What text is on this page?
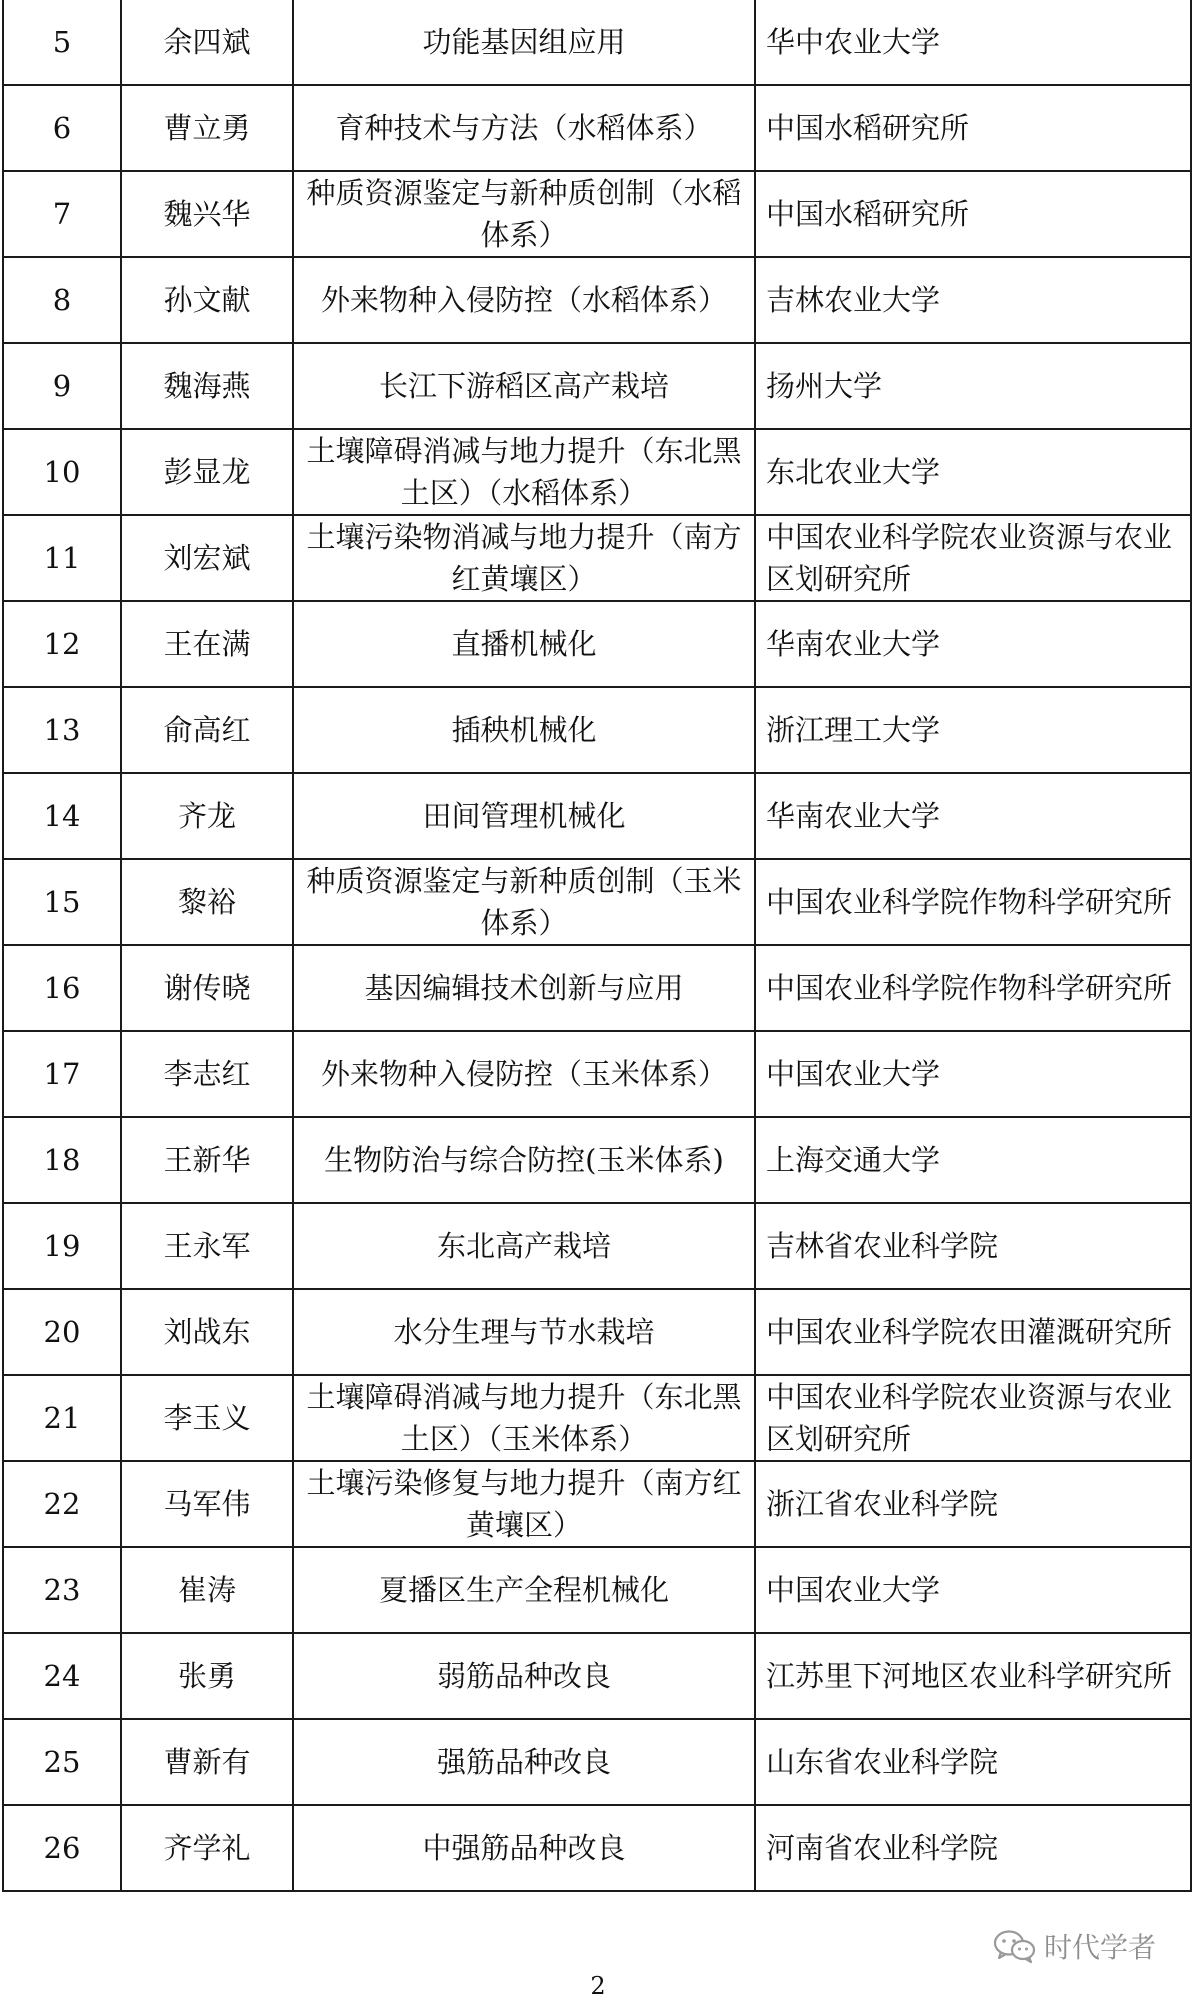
5	余四斌	功能基因组应用	华中农业大学
6	曹立勇	育种技术与方法（水稻体系）	中国水稻研究所
7	魏兴华	种质资源鉴定与新种质创制（水稻体系）	中国水稻研究所
8	孙文献	外来物种入侵防控（水稻体系）	吉林农业大学
9	魏海燕	长江下游稻区高产栽培	扬州大学
10	彭显龙	土壤障碍消减与地力提升（东北黑土区）（水稻体系）	东北农业大学
11	刘宏斌	土壤污染物消减与地力提升（南方红黄壤区）	中国农业科学院农业资源与农业区划研究所
12	王在满	直播机械化	华南农业大学
13	俞高红	插秧机械化	浙江理工大学
14	齐龙	田间管理机械化	华南农业大学
15	黎裕	种质资源鉴定与新种质创制（玉米体系）	中国农业科学院作物科学研究所
16	谢传晓	基因编辑技术创新与应用	中国农业科学院作物科学研究所
17	李志红	外来物种入侵防控（玉米体系）	中国农业大学
18	王新华	生物防治与综合防控(玉米体系)	上海交通大学
19	王永军	东北高产栽培	吉林省农业科学院
20	刘战东	水分生理与节水栽培	中国农业科学院农田灌溉研究所
21	李玉义	土壤障碍消减与地力提升（东北黑土区）（玉米体系）	中国农业科学院农业资源与农业区划研究所
22	马军伟	土壤污染修复与地力提升（南方红黄壤区）	浙江省农业科学院
23	崔涛	夏播区生产全程机械化	中国农业大学
24	张勇	弱筋品种改良	江苏里下河地区农业科学研究所
25	曹新有	强筋品种改良	山东省农业科学院
26	齐学礼	中强筋品种改良	河南省农业科学院
时代学者
2
